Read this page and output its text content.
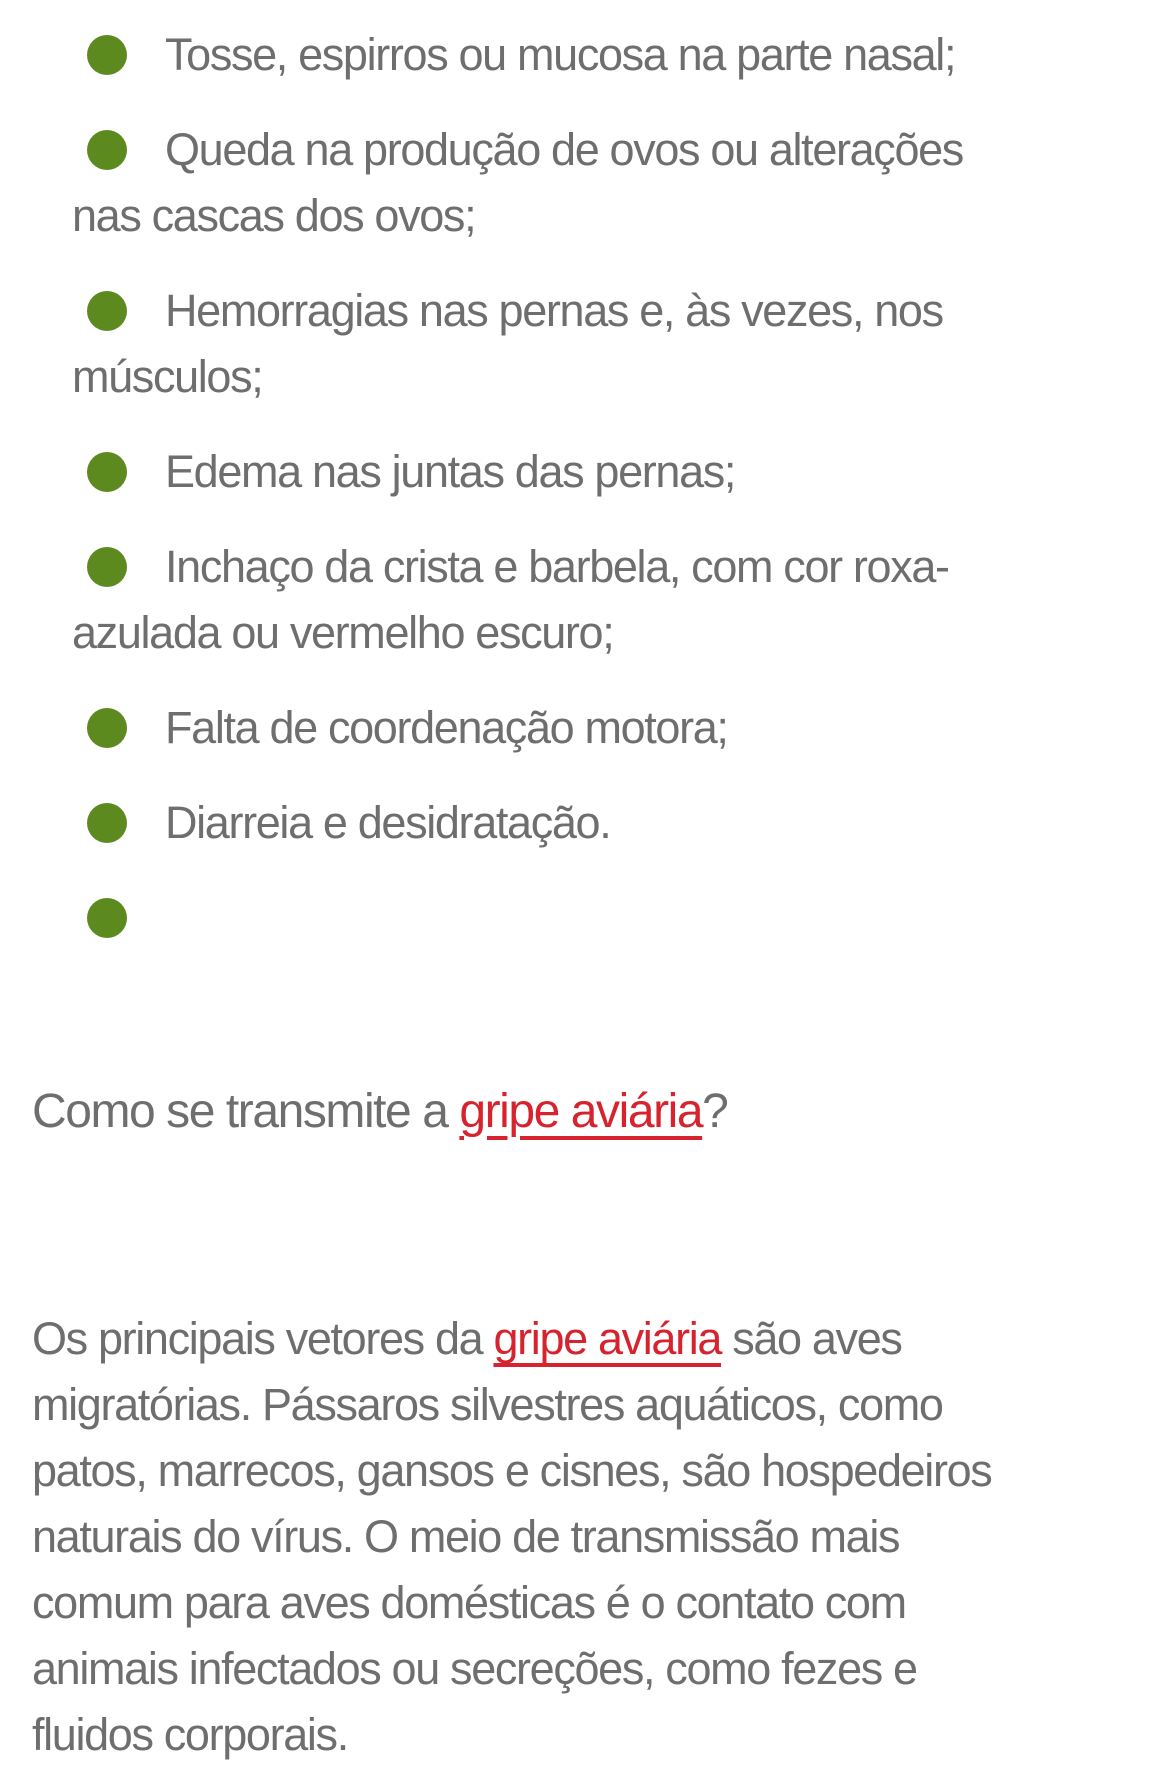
Tosse, espirros ou mucosa na parte nasal;
Queda na produção de ovos ou alterações
nas cascas dos ovos;
Hemorragias nas pernas e, às vezes, nos
músculos;
Edema nas juntas das pernas;
Inchaço da crista e barbela, com cor roxa-
azulada ou vermelho escuro;
Falta de coordenação motora;
Diarreia e desidratação.
Como se transmite a gripe aviária?
Os principais vetores da gripe aviária são aves
migratórias. Pássaros silvestres aquáticos, como
patos, marrecos, gansos e cisnes, são hospedeiros
naturais do vírus. O meio de transmissão mais
comum para aves domésticas é o contato com
animais infectados ou secreções, como fezes e
fluidos corporais.
